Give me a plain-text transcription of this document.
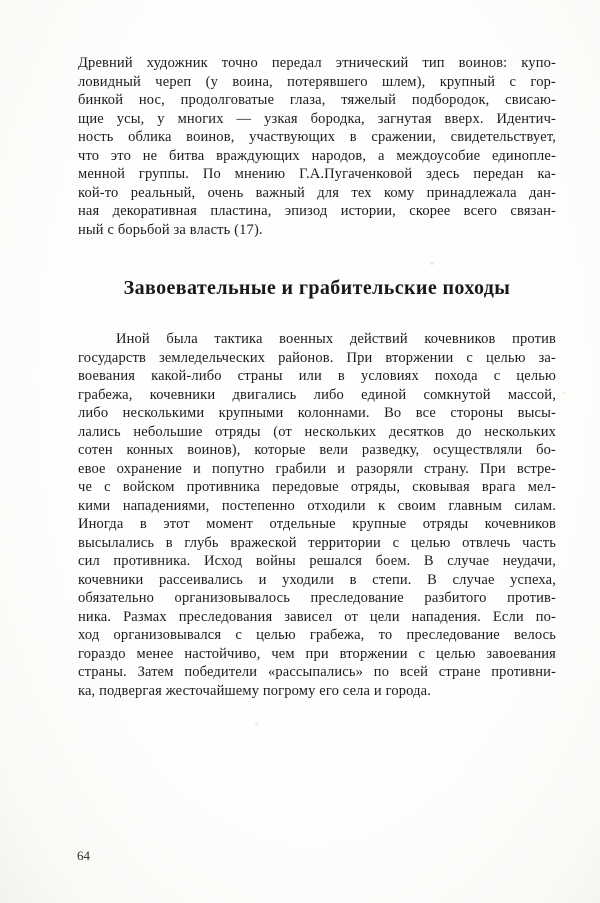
Древний художник точно передал этнический тип воинов: купо-
ловидный череп (у воина, потерявшего шлем), крупный с гор-
бинкой нос, продолговатые глаза, тяжелый подбородок, свисаю-
щие усы, у многих — узкая бородка, загнутая вверх. Идентич-
ность облика воинов, участвующих в сражении, свидетельствует,
что это не битва враждующих народов, а междоусобие единопле-
менной группы. По мнению Г.А.Пугаченковой здесь передан ка-
кой-то реальный, очень важный для тех кому принадлежала дан-
ная декоративная пластина, эпизод истории, скорее всего связан-
ный с борьбой за власть (17).
Завоевательные и грабительские походы
Иной была тактика военных действий кочевников против
государств земледельческих районов. При вторжении с целью за-
воевания какой-либо страны или в условиях похода с целью
грабежа, кочевники двигались либо единой сомкнутой массой,
либо несколькими крупными колоннами. Во все стороны высы-
лались небольшие отряды (от нескольких десятков до нескольких
сотен конных воинов), которые вели разведку, осуществляли бо-
евое охранение и попутно грабили и разоряли страну. При встре-
че с войском противника передовые отряды, сковывая врага мел-
кими нападениями, постепенно отходили к своим главным силам.
Иногда в этот момент отдельные крупные отряды кочевников
высылались в глубь вражеской территории с целью отвлечь часть
сил противника. Исход войны решался боем. В случае неудачи,
кочевники рассеивались и уходили в степи. В случае успеха,
обязательно организовывалось преследование разбитого против-
ника. Размах преследования зависел от цели нападения. Если по-
ход организовывался с целью грабежа, то преследование велось
гораздо менее настойчиво, чем при вторжении с целью завоевания
страны. Затем победители «рассыпались» по всей стране противни-
ка, подвергая жесточайшему погрому его села и города.
64
